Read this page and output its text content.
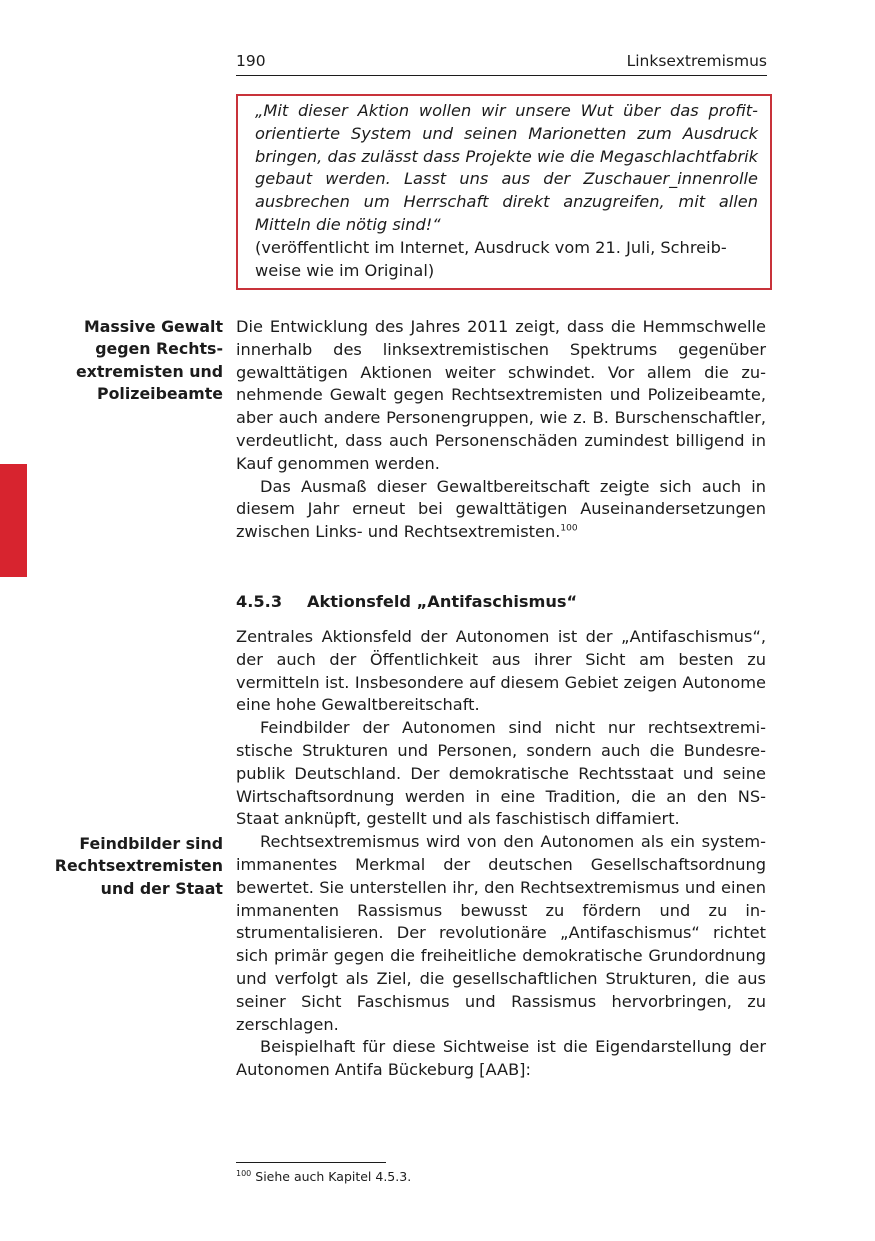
190	Linksextremismus

„Mit dieser Aktion wollen wir unsere Wut über das profitorientierte System und seinen Marionetten zum Ausdruck bringen, das zulässt dass Projekte wie die Megaschlachtfabrik gebaut werden. Lasst uns aus der Zuschauer_innenrolle ausbrechen um Herrschaft direkt anzugreifen, mit allen Mitteln die nötig sind!“

(veröffentlicht im Internet, Ausdruck vom 21. Juli, Schreibweise wie im Original)

Massive Gewalt gegen Rechtsextremisten und Polizeibeamte

Die Entwicklung des Jahres 2011 zeigt, dass die Hemmschwelle innerhalb des linksextremistischen Spektrums gegenüber gewalttätigen Aktionen weiter schwindet. Vor allem die zunehmende Gewalt gegen Rechtsextremisten und Polizeibeamte, aber auch andere Personengruppen, wie z. B. Burschenschaftler, verdeutlicht, dass auch Personenschäden zumindest billigend in Kauf genommen werden.

Das Ausmaß dieser Gewaltbereitschaft zeigte sich auch in diesem Jahr erneut bei gewalttätigen Auseinandersetzungen zwischen Links- und Rechtsextremisten.$^{100}$

4.5.3 Aktionsfeld „Antifaschismus“
Feindbilder sind Rechtsextremisten und der Staat

Zentrales Aktionsfeld der Autonomen ist der „Antifaschismus“, der auch der Öffentlichkeit aus ihrer Sicht am besten zu vermitteln ist. Insbesondere auf diesem Gebiet zeigen Autonome eine hohe Gewaltbereitschaft.

Feindbilder der Autonomen sind nicht nur rechtsextremistische Strukturen und Personen, sondern auch die Bundesrepublik Deutschland. Der demokratische Rechtsstaat und seine Wirtschaftsordnung werden in eine Tradition, die an den NS-Staat anknüpft, gestellt und als faschistisch diffamiert.

Rechtsextremismus wird von den Autonomen als ein systemimmanentes Merkmal der deutschen Gesellschaftsordnung bewertet. Sie unterstellen ihr, den Rechtsextremismus und einen immanenten Rassismus bewusst zu fördern und zu instrumentalisieren. Der revolutionäre „Antifaschismus“ richtet sich primär gegen die freiheitliche demokratische Grundordnung und verfolgt als Ziel, die gesellschaftlichen Strukturen, die aus seiner Sicht Faschismus und Rassismus hervorbringen, zu zerschlagen.

Beispielhaft für diese Sichtweise ist die Eigendarstellung der Autonomen Antifa Bückeburg [AAB]:

$^{100}$ Siehe auch Kapitel 4.5.3.
